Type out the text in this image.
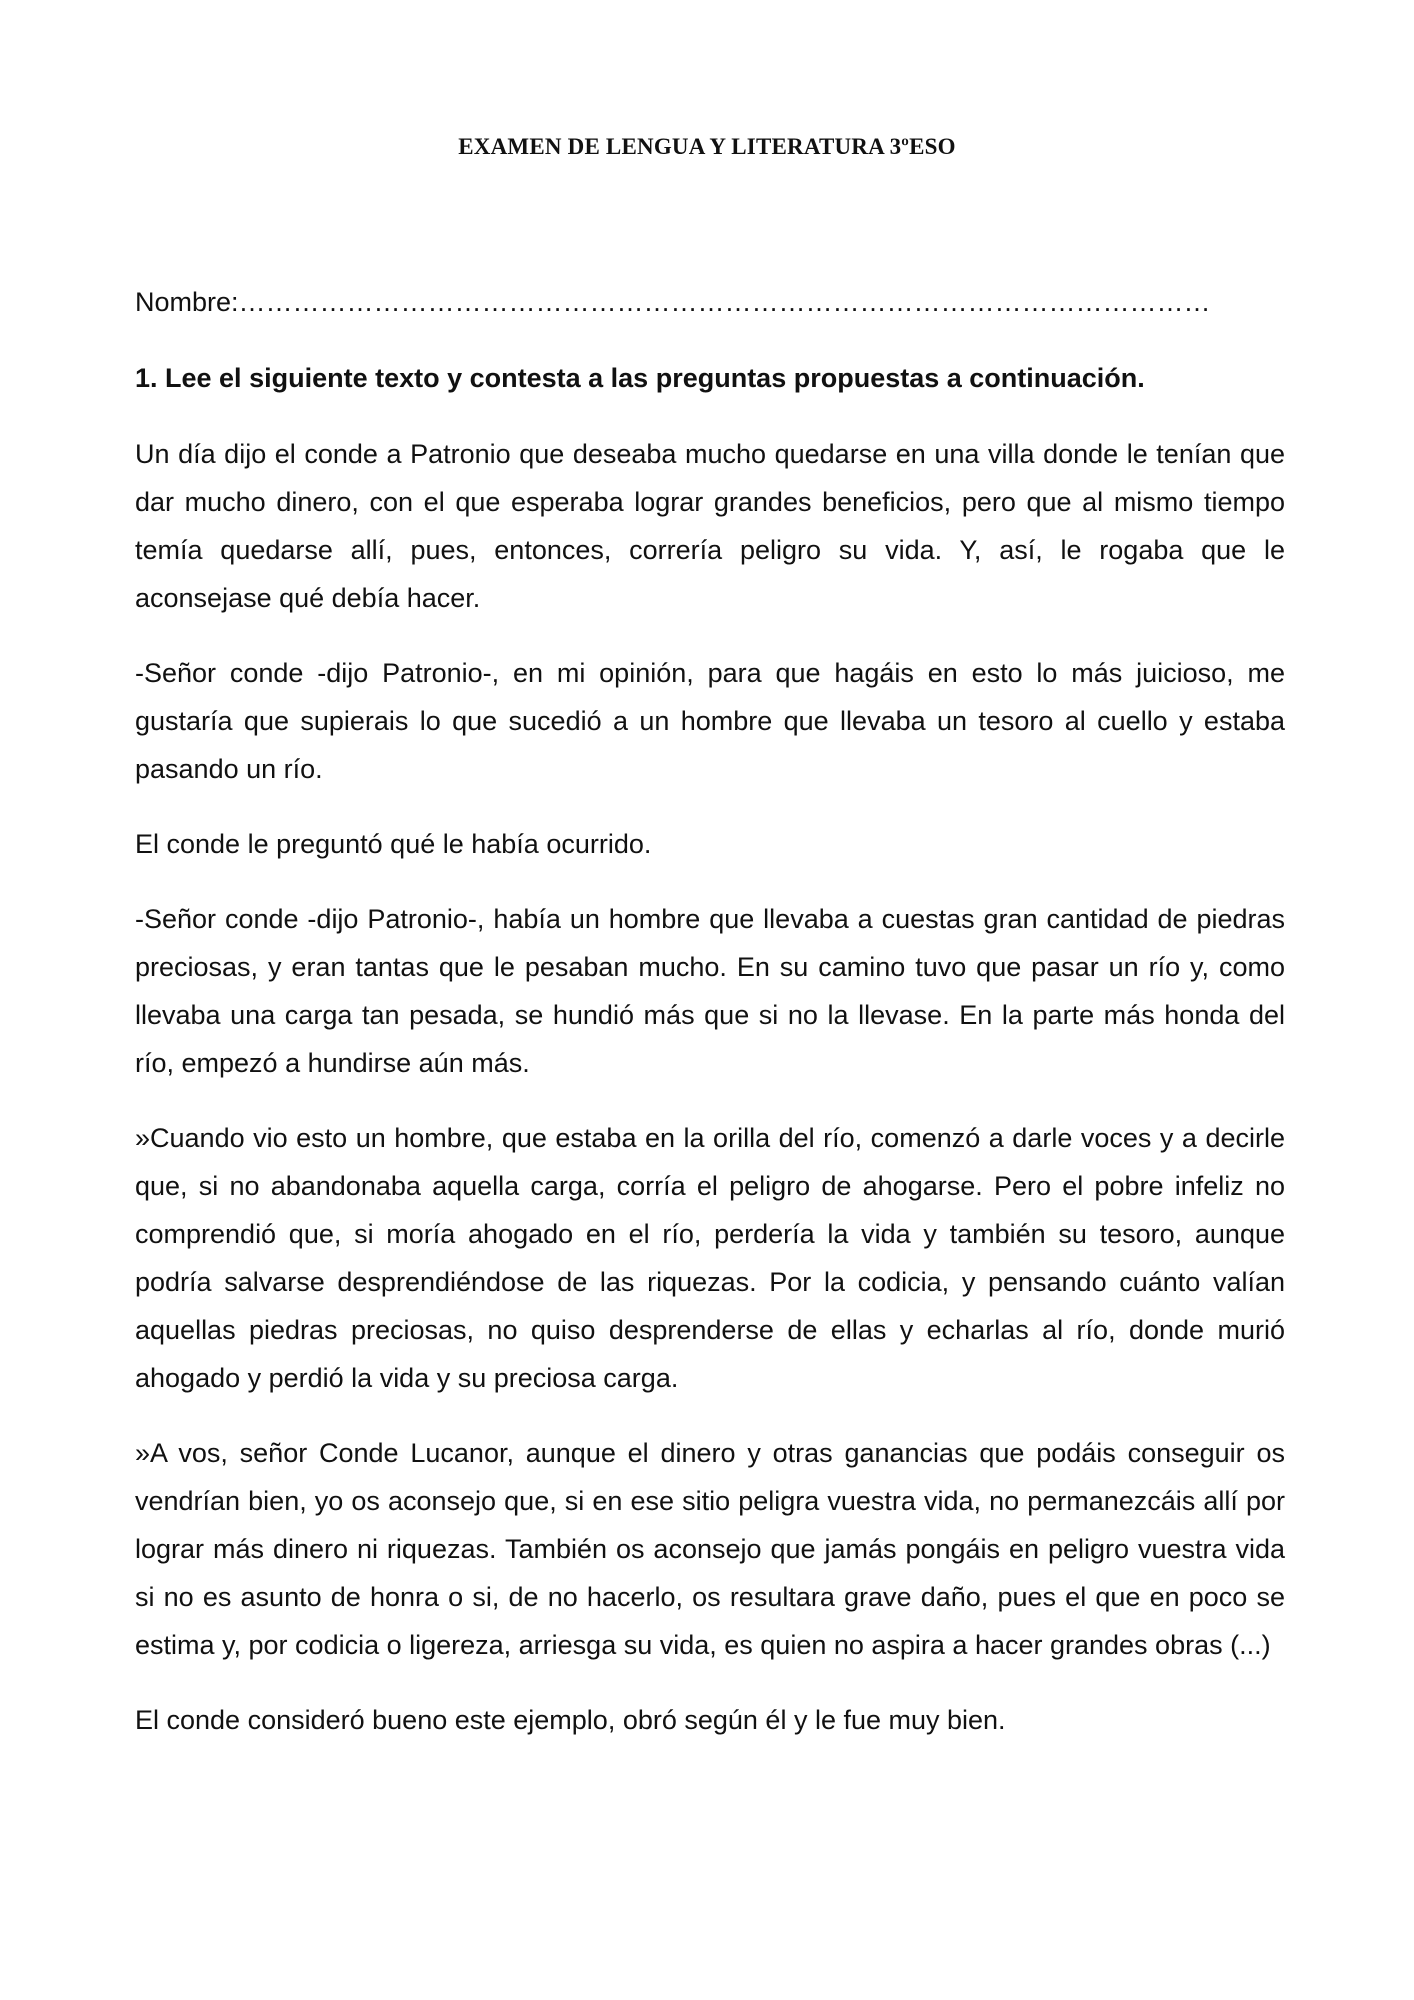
EXAMEN DE LENGUA Y LITERATURA 3ºESO
Nombre:………………………………………………………………………………………………
1. Lee el siguiente texto y contesta a las preguntas propuestas a continuación.

Un día dijo el conde a Patronio que deseaba mucho quedarse en una villa donde le tenían que dar mucho dinero, con el que esperaba lograr grandes beneficios, pero que al mismo tiempo temía quedarse allí, pues, entonces, correría peligro su vida. Y, así, le rogaba que le aconsejase qué debía hacer.

-Señor conde -dijo Patronio-, en mi opinión, para que hagáis en esto lo más juicioso, me gustaría que supierais lo que sucedió a un hombre que llevaba un tesoro al cuello y estaba pasando un río.

El conde le preguntó qué le había ocurrido.

-Señor conde -dijo Patronio-, había un hombre que llevaba a cuestas gran cantidad de piedras preciosas, y eran tantas que le pesaban mucho. En su camino tuvo que pasar un río y, como llevaba una carga tan pesada, se hundió más que si no la llevase. En la parte más honda del río, empezó a hundirse aún más.

»Cuando vio esto un hombre, que estaba en la orilla del río, comenzó a darle voces y a decirle que, si no abandonaba aquella carga, corría el peligro de ahogarse. Pero el pobre infeliz no comprendió que, si moría ahogado en el río, perdería la vida y también su tesoro, aunque podría salvarse desprendiéndose de las riquezas. Por la codicia, y pensando cuánto valían aquellas piedras preciosas, no quiso desprenderse de ellas y echarlas al río, donde murió ahogado y perdió la vida y su preciosa carga.

»A vos, señor Conde Lucanor, aunque el dinero y otras ganancias que podáis conseguir os vendrían bien, yo os aconsejo que, si en ese sitio peligra vuestra vida, no permanezcáis allí por lograr más dinero ni riquezas. También os aconsejo que jamás pongáis en peligro vuestra vida si no es asunto de honra o si, de no hacerlo, os resultara grave daño, pues el que en poco se estima y, por codicia o ligereza, arriesga su vida, es quien no aspira a hacer grandes obras (...)

El conde consideró bueno este ejemplo, obró según él y le fue muy bien.
